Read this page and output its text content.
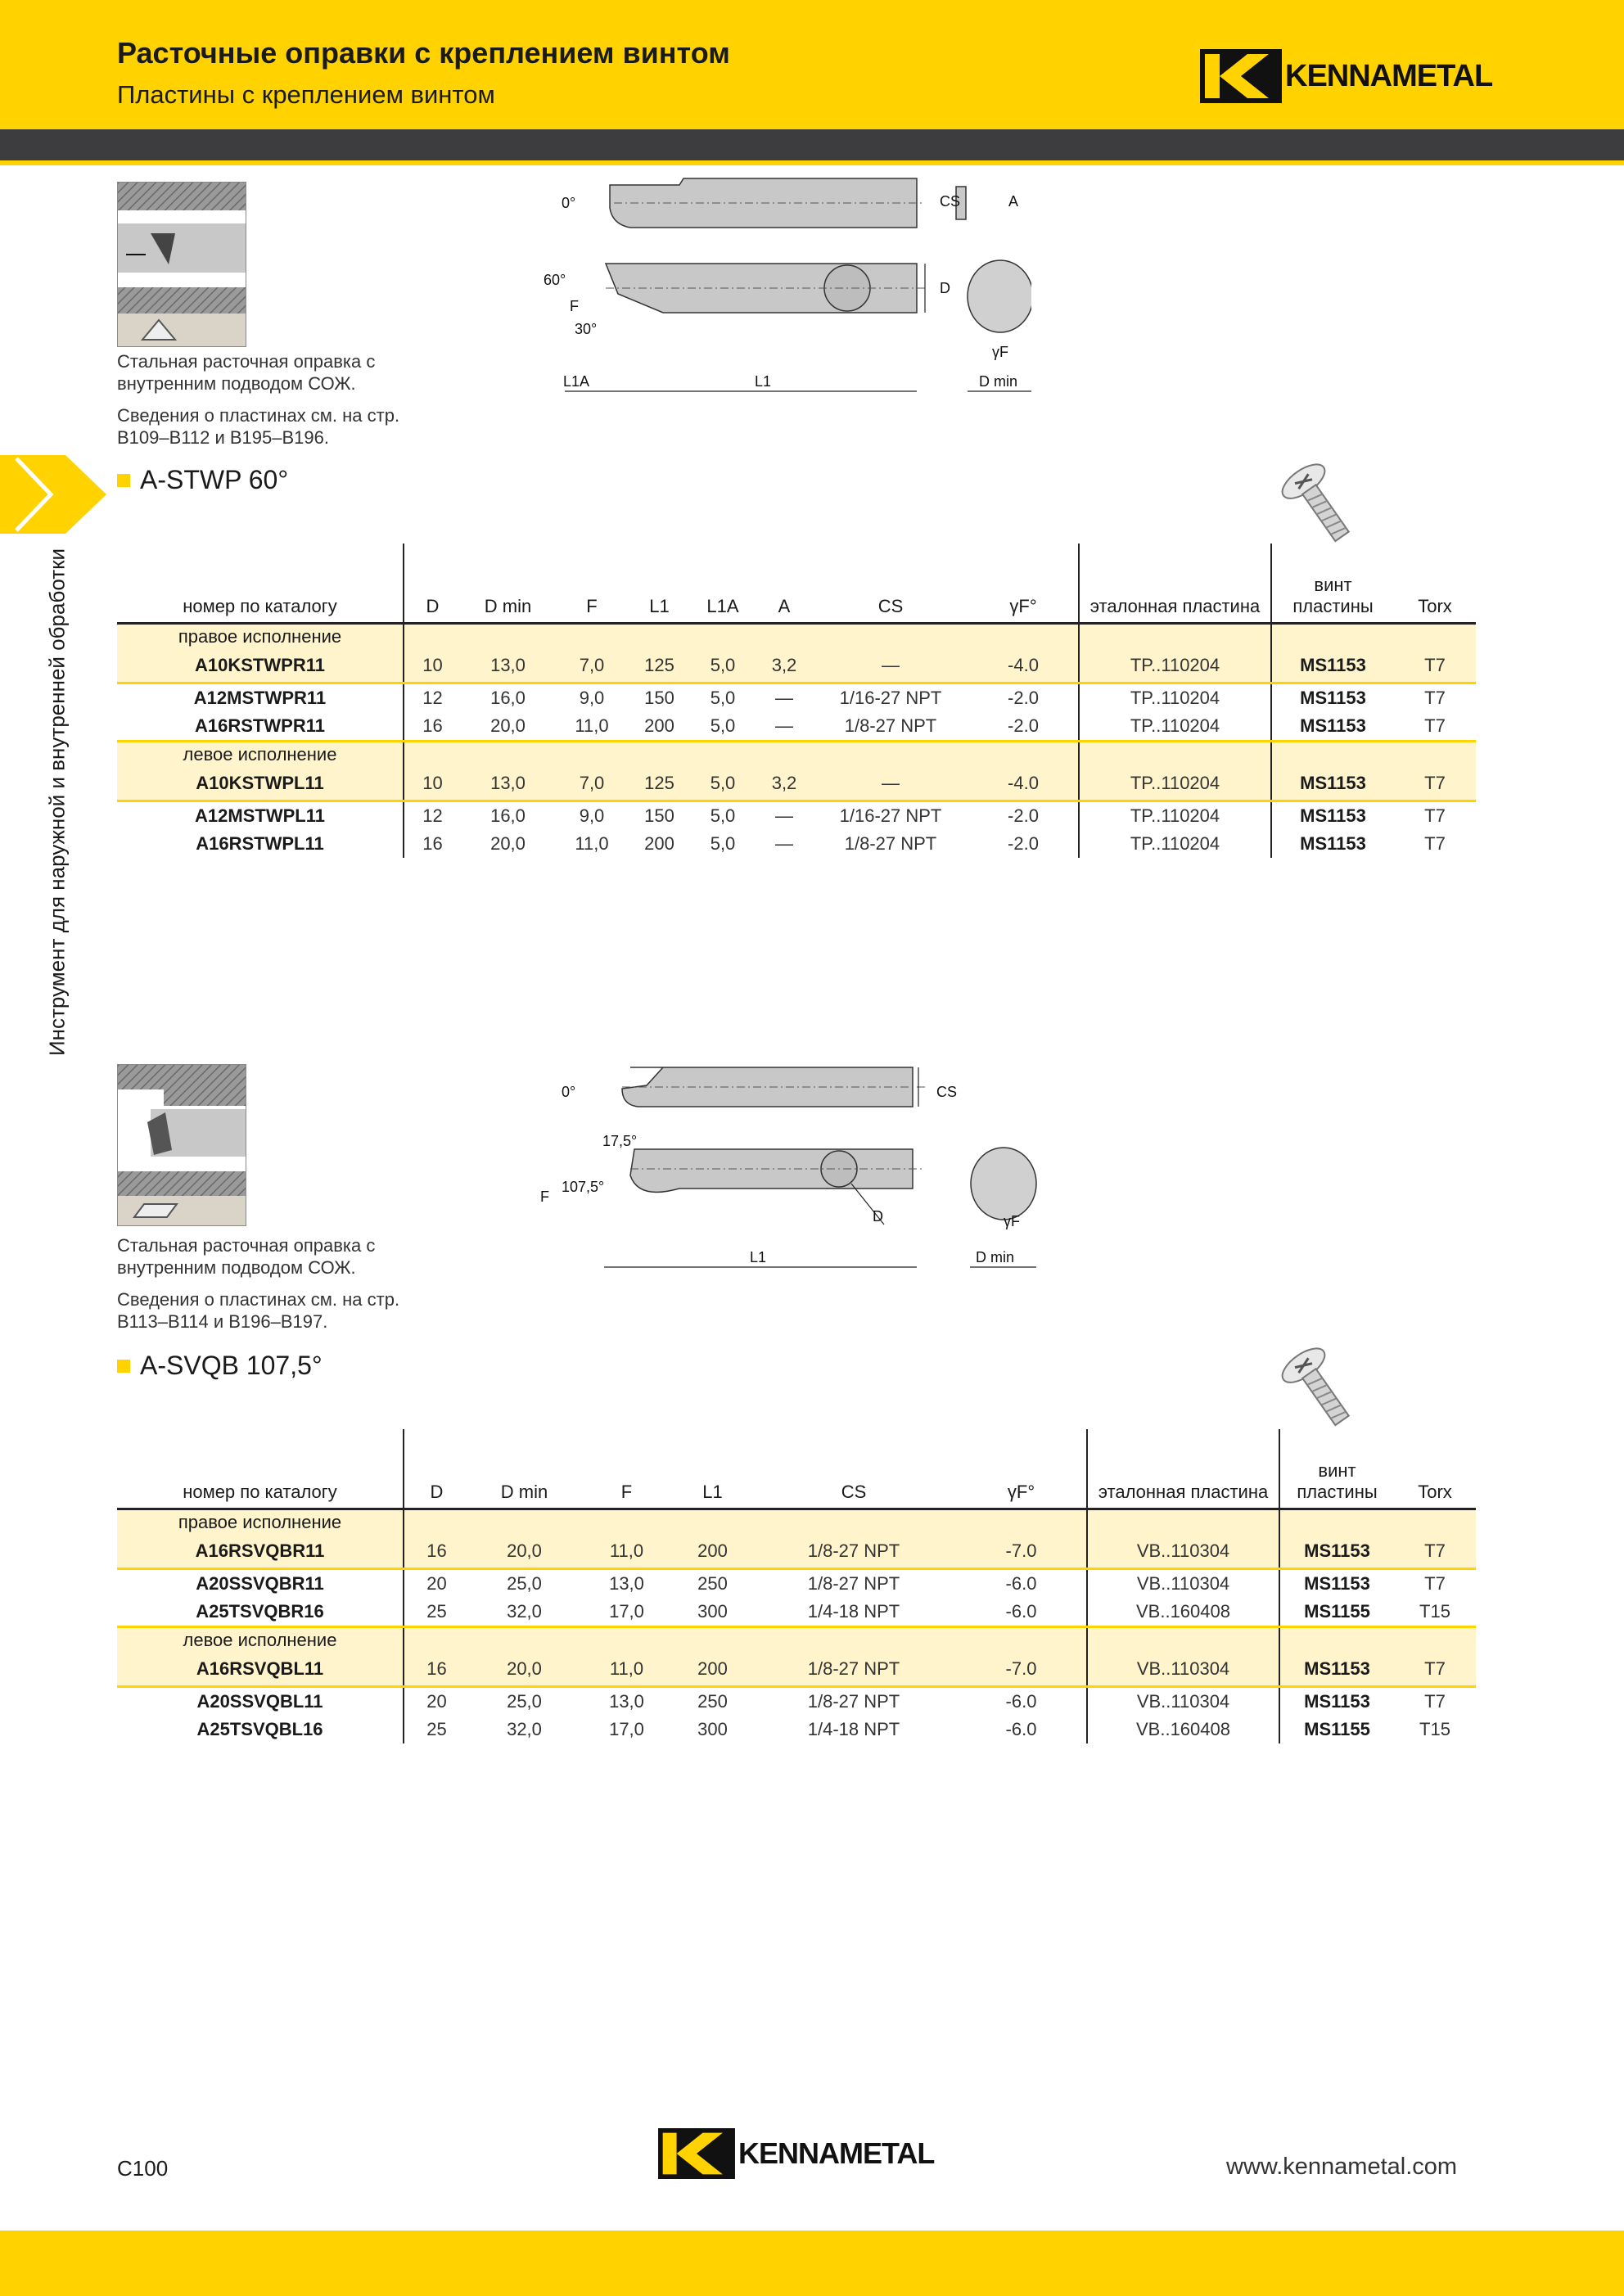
Расточные оправки с креплением винтом
Пластины с креплением винтом
KENNAMETAL
Инструмент для наружной и внутренней обработки
Стальная расточная оправка с внутренним подводом СОЖ.
Сведения о пластинах см. на стр. B109–B112 и B195–B196.
0°	CS	A
60°
F
30°
D
γF
L1A	L1	D min
A-STWP 60°
номер по каталогу	D	D min	F	L1	L1A	A	CS	γF°	эталонная пластина	винт пластины	Torx
правое исполнение											
A10KSTWPR11	10	13,0	7,0	125	5,0	3,2	—	-4.0	TP..110204	MS1153	T7
A12MSTWPR11	12	16,0	9,0	150	5,0	—	1/16-27 NPT	-2.0	TP..110204	MS1153	T7
A16RSTWPR11	16	20,0	11,0	200	5,0	—	1/8-27 NPT	-2.0	TP..110204	MS1153	T7
левое исполнение											
A10KSTWPL11	10	13,0	7,0	125	5,0	3,2	—	-4.0	TP..110204	MS1153	T7
A12MSTWPL11	12	16,0	9,0	150	5,0	—	1/16-27 NPT	-2.0	TP..110204	MS1153	T7
A16RSTWPL11	16	20,0	11,0	200	5,0	—	1/8-27 NPT	-2.0	TP..110204	MS1153	T7
Стальная расточная оправка с внутренним подводом СОЖ.
Сведения о пластинах см. на стр. B113–B114 и B196–B197.
0°	CS
17,5°
107,5°
F
D	γF
L1	D min
A-SVQB 107,5°
номер по каталогу	D	D min	F	L1	CS	γF°	эталонная пластина	винт пластины	Torx
правое исполнение									
A16RSVQBR11	16	20,0	11,0	200	1/8-27 NPT	-7.0	VB..110304	MS1153	T7
A20SSVQBR11	20	25,0	13,0	250	1/8-27 NPT	-6.0	VB..110304	MS1153	T7
A25TSVQBR16	25	32,0	17,0	300	1/4-18 NPT	-6.0	VB..160408	MS1155	T15
левое исполнение									
A16RSVQBL11	16	20,0	11,0	200	1/8-27 NPT	-7.0	VB..110304	MS1153	T7
A20SSVQBL11	20	25,0	13,0	250	1/8-27 NPT	-6.0	VB..110304	MS1153	T7
A25TSVQBL16	25	32,0	17,0	300	1/4-18 NPT	-6.0	VB..160408	MS1155	T15
C100	KENNAMETAL	www.kennametal.com
